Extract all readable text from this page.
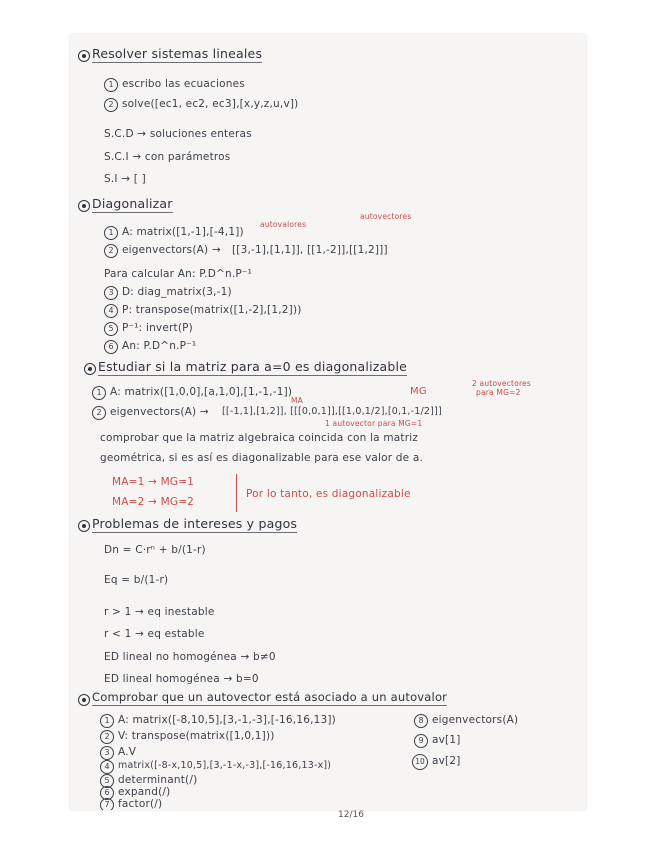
Resolver sistemas lineales
1 escribo las ecuaciones
2 solve([ec1, ec2, ec3],[x,y,z,u,v])
S.C.D → soluciones enteras
S.C.I → con parámetros
S.I → [ ]
Diagonalizar
1 A: matrix([1,-1],[-4,1])
autovalores
autovectores
2 eigenvectors(A) → [[3,-1],[1,1]], [[1,-2]],[[1,2]]]
Para calcular An: P.D^n.P⁻¹
3 D: diag_matrix(3,-1)
4 P: transpose(matrix([1,-2],[1,2]))
5 P⁻¹: invert(P)
6 An: P.D^n.P⁻¹
Estudiar si la matriz para a=0 es diagonalizable
1 A: matrix([1,0,0],[a,1,0],[1,-1,-1])	MG
2 autovectores
para MG=2
2 eigenvectors(A) → [[-1,1],[1,2]], [[[0,0,1]],[[1,0,1/2],[0,1,-1/2]]]
MA
1 autovector para MG=1
comprobar que la matriz algebraica coincida con la matriz
geométrica, si es así es diagonalizable para ese valor de a.
MA=1 → MG=1
MA=2 → MG=2
Por lo tanto, es diagonalizable
Problemas de intereses y pagos
Dn = C·rⁿ + b/(1-r)
Eq = b/(1-r)
r > 1 → eq inestable
r < 1 → eq estable
ED lineal no homogénea → b≠0
ED lineal homogénea → b=0
Comprobar que un autovector está asociado a un autovalor
1 A: matrix([-8,10,5],[3,-1,-3],[-16,16,13])
2 V: transpose(matrix([1,0,1]))
3 A.V
4 matrix([-8-x,10,5],[3,-1-x,-3],[-16,16,13-x])
5 determinant(/)
6 expand(/)
7 factor(/)
8 eigenvectors(A)
9 av[1]
10 av[2]
12/16
